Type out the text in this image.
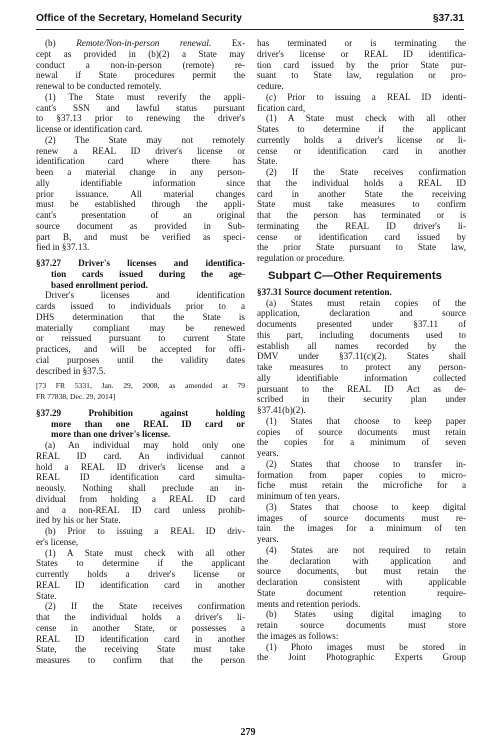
Office of the Secretary, Homeland Security	§37.31
(b) Remote/Non-in-person renewal. Ex-
cept as provided in (b)(2) a State may
conduct a non-in-person (remote) re-
newal if State procedures permit the
renewal to be conducted remotely.
(1) The State must reverify the appli-
cant's SSN and lawful status pursuant
to §37.13 prior to renewing the driver's
license or identification card.
(2) The State may not remotely
renew a REAL ID driver's license or
identification card where there has
been a material change in any person-
ally identifiable information since
prior issuance. All material changes
must be established through the appli-
cant's presentation of an original
source document as provided in Sub-
part B, and must be verified as speci-
fied in §37.13.
§37.27 Driver's licenses and identifica-
tion cards issued during the age-
based enrollment period.
Driver's licenses and identification
cards issued to individuals prior to a
DHS determination that the State is
materially compliant may be renewed
or reissued pursuant to current State
practices, and will be accepted for offi-
cial purposes until the validity dates
described in §37.5.
[73 FR 5331, Jan. 29, 2008, as amended at 79
FR 77838, Dec. 29, 2014]
§37.29 Prohibition against holding
more than one REAL ID card or
more than one driver's license.
(a) An individual may hold only one
REAL ID card. An individual cannot
hold a REAL ID driver's license and a
REAL ID identification card simulta-
neously. Nothing shall preclude an in-
dividual from holding a REAL ID card
and a non-REAL ID card unless prohib-
ited by his or her State.
(b) Prior to issuing a REAL ID driv-
er's license,
(1) A State must check with all other
States to determine if the applicant
currently holds a driver's license or
REAL ID identification card in another
State.
(2) If the State receives confirmation
that the individual holds a driver's li-
cense in another State, or possesses a
REAL ID identification card in another
State, the receiving State must take
measures to confirm that the person
has terminated or is terminating the
driver's license or REAL ID identifica-
tion card issued by the prior State pur-
suant to State law, regulation or pro-
cedure.
(c) Prior to issuing a REAL ID identi-
fication card,
(1) A State must check with all other
States to determine if the applicant
currently holds a driver's license or li-
cense or identification card in another
State.
(2) If the State receives confirmation
that the individual holds a REAL ID
card in another State the receiving
State must take measures to confirm
that the person has terminated or is
terminating the REAL ID driver's li-
cense or identification card issued by
the prior State pursuant to State law,
regulation or procedure.
Subpart C—Other Requirements
§37.31 Source document retention.
(a) States must retain copies of the
application, declaration and source
documents presented under §37.11 of
this part, including documents used to
establish all names recorded by the
DMV under §37.11(c)(2). States shall
take measures to protect any person-
ally identifiable information collected
pursuant to the REAL ID Act as de-
scribed in their security plan under
§37.41(b)(2).
(1) States that choose to keep paper
copies of source documents must retain
the copies for a minimum of seven
years.
(2) States that choose to transfer in-
formation from paper copies to micro-
fiche must retain the microfiche for a
minimum of ten years.
(3) States that choose to keep digital
images of source documents must re-
tain the images for a minimum of ten
years.
(4) States are not required to retain
the declaration with application and
source documents, but must retain the
declaration consistent with applicable
State document retention require-
ments and retention periods.
(b) States using digital imaging to
retain source documents must store
the images as follows:
(1) Photo images must be stored in
the Joint Photographic Experts Group
279
